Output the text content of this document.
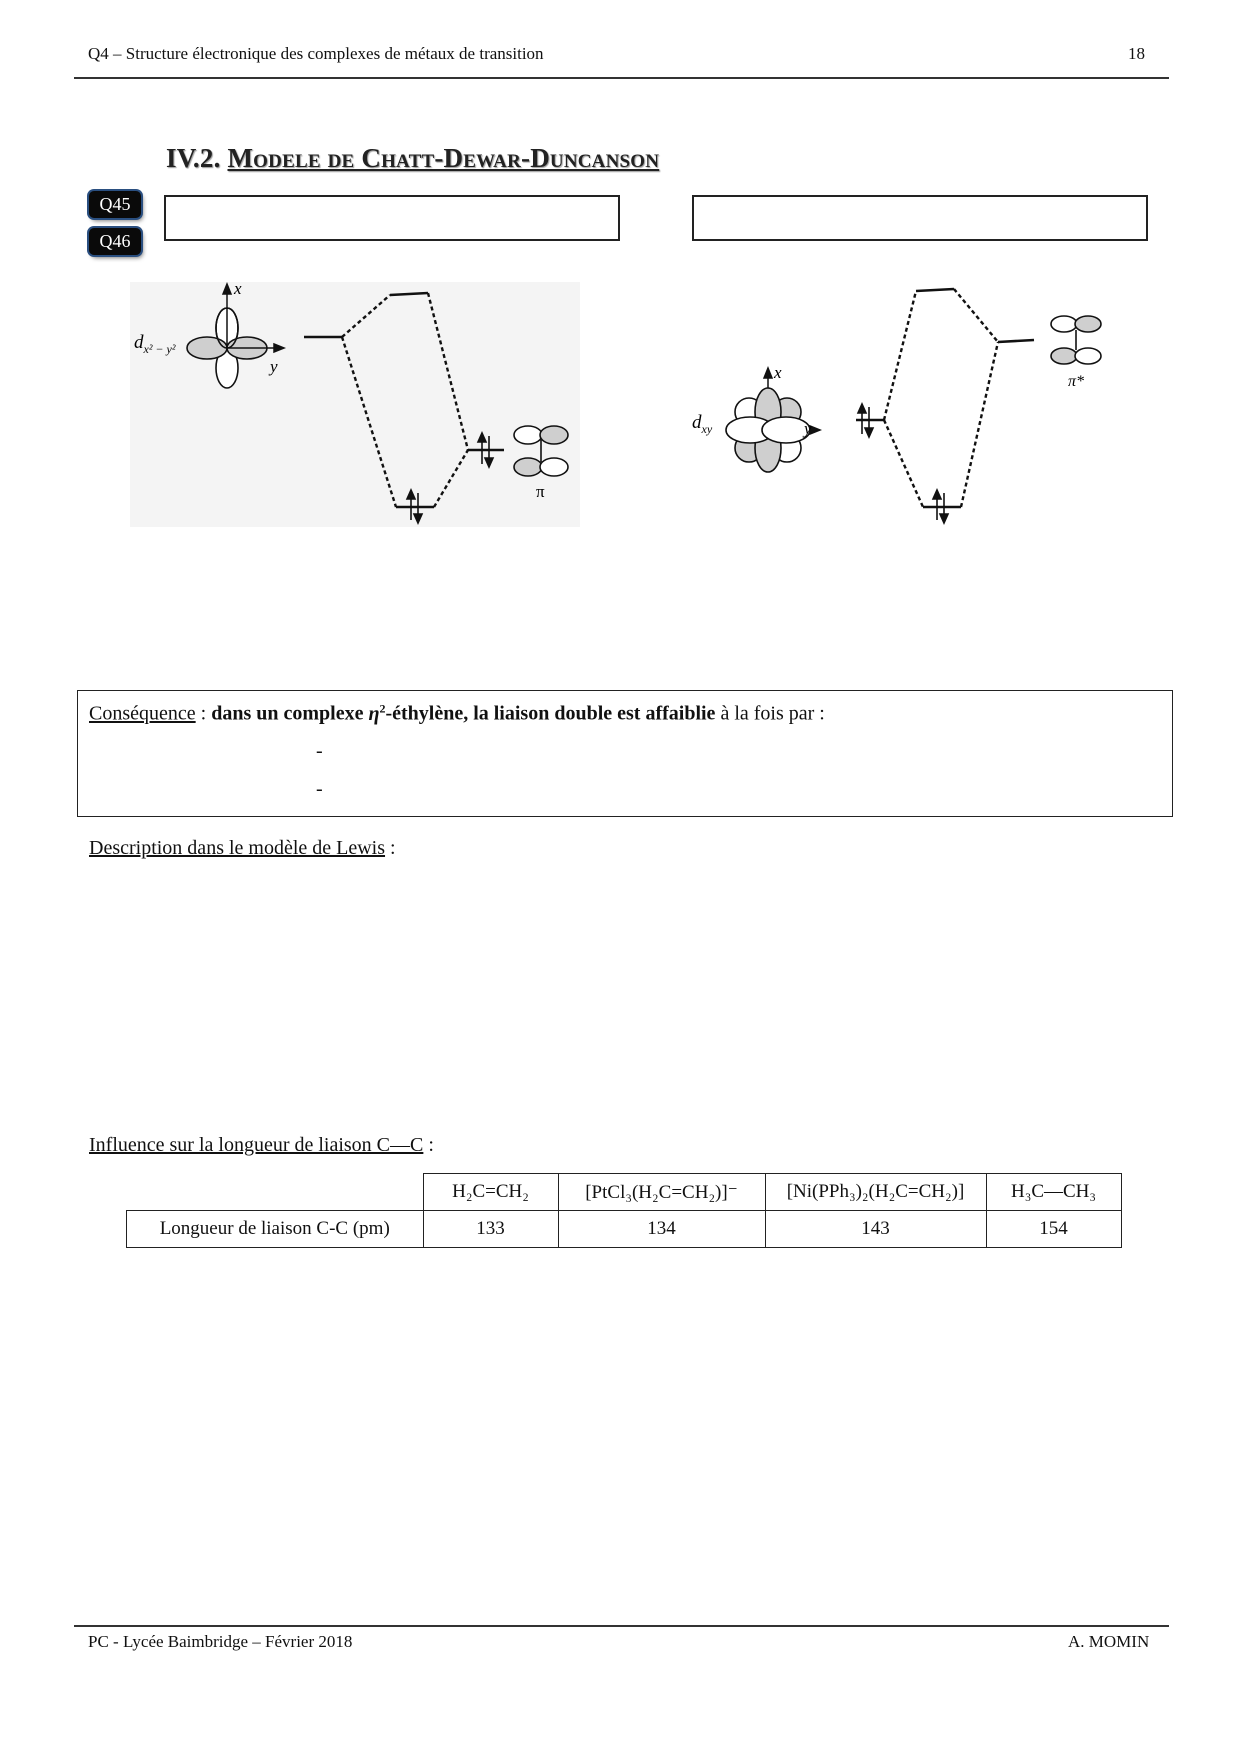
Q4 – Structure électronique des complexes de métaux de transition	18
IV.2. Modele de Chatt-Dewar-Duncanson
Q45
Q46
x
y
$d_{x^2 - y^2}$
π
x
y
$d_{xy}$
π*
Conséquence : dans un complexe $\eta^2$-éthylène, la liaison double est affaiblie à la fois par :
-
-
Description dans le modèle de Lewis :
Influence sur la longueur de liaison C—C :
	H₂C=CH₂	[PtCl₃(H₂C=CH₂)]⁻	[Ni(PPh₃)₂(H₂C=CH₂)]	H₃C—CH₃
Longueur de liaison C-C (pm)	133	134	143	154
PC - Lycée Baimbridge – Février 2018	A. MOMIN
